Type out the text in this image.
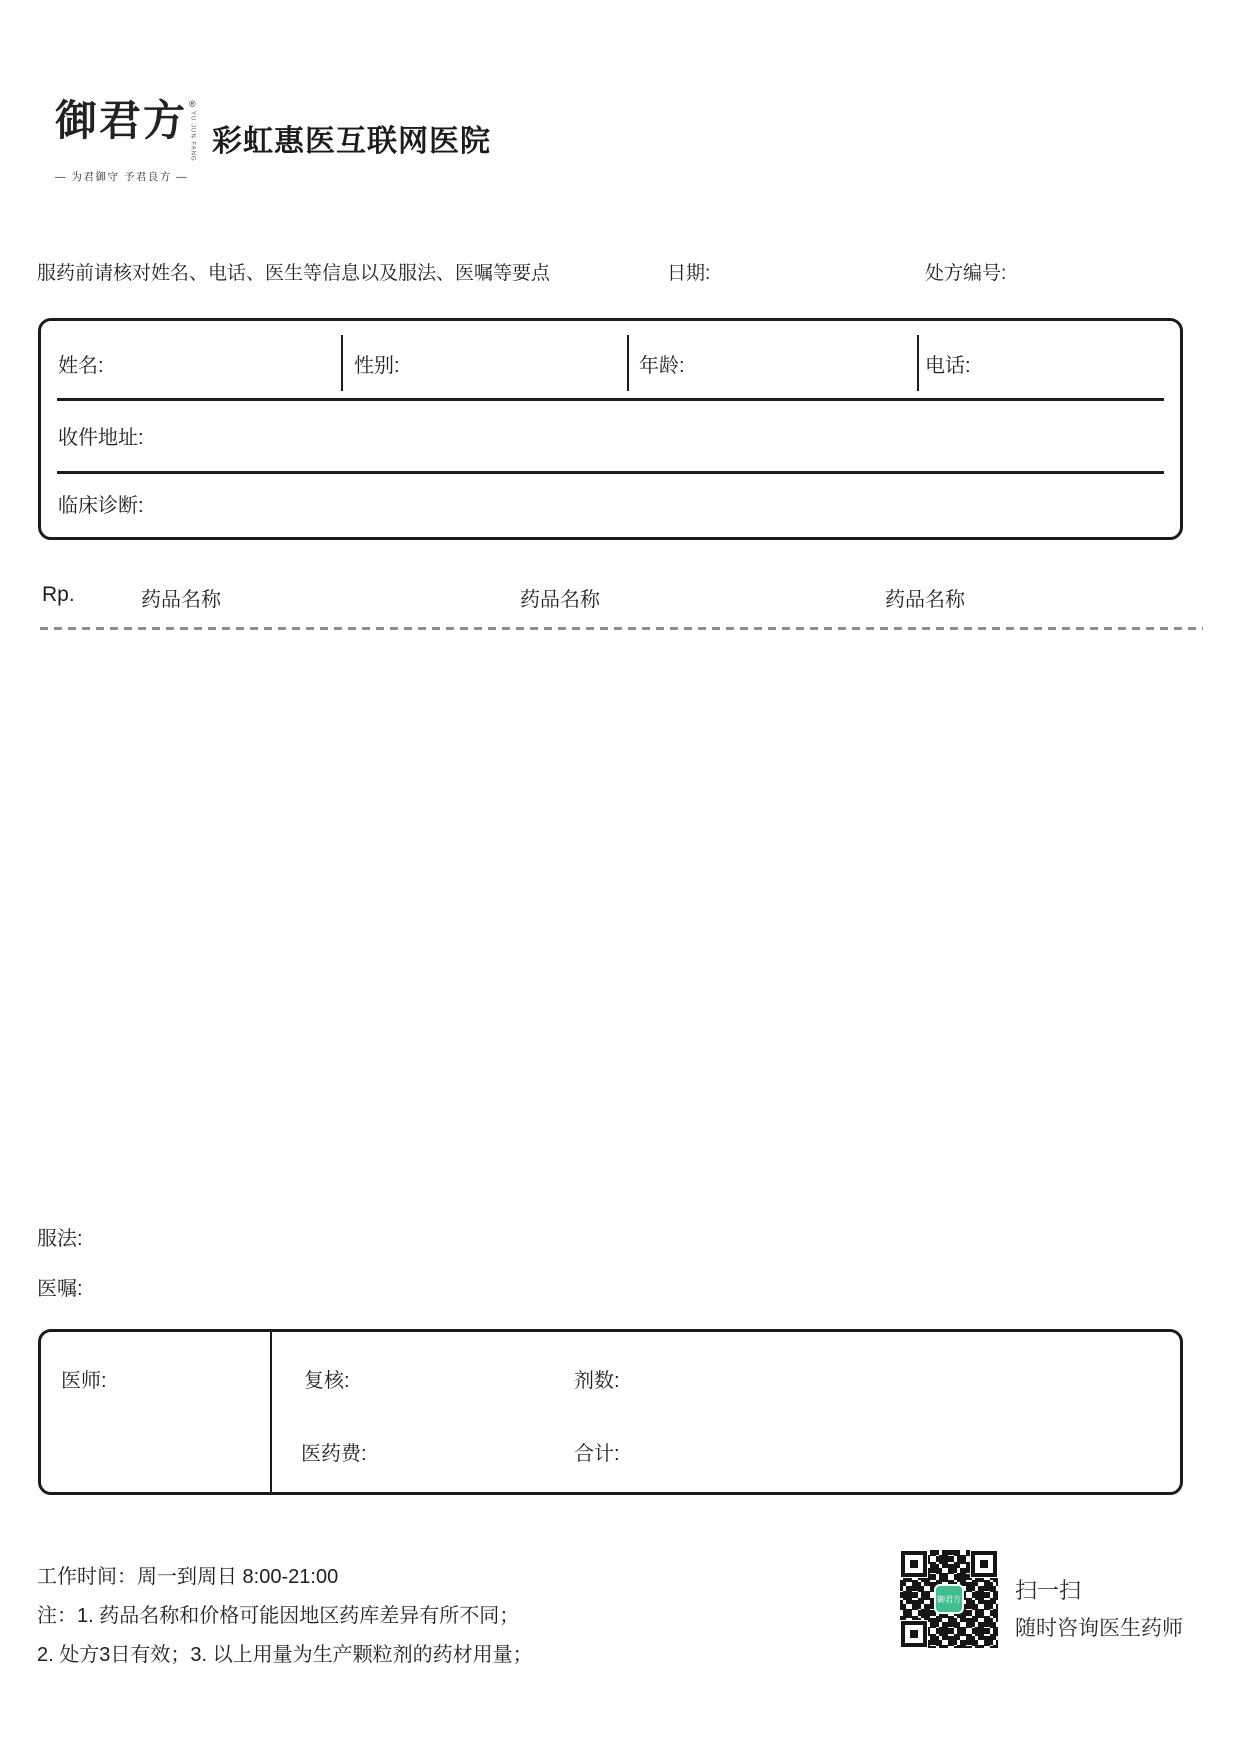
御君方 ®
YU JUN FANG
— 为君御守 予君良方 —
彩虹惠医互联网医院
服药前请核对姓名、电话、医生等信息以及服法、医嘱等要点	日期:	处方编号:
姓名:	性别:	年龄:	电话:
收件地址:
临床诊断:
Rp.	药品名称	药品名称	药品名称
服法:
医嘱:
医师:	复核:	剂数:
医药费:	合计:
工作时间：周一到周日 8:00-21:00
注：1. 药品名称和价格可能因地区药库差异有所不同；
2. 处方3日有效；3. 以上用量为生产颗粒剂的药材用量；
御君方 扫一扫
随时咨询医生药师
